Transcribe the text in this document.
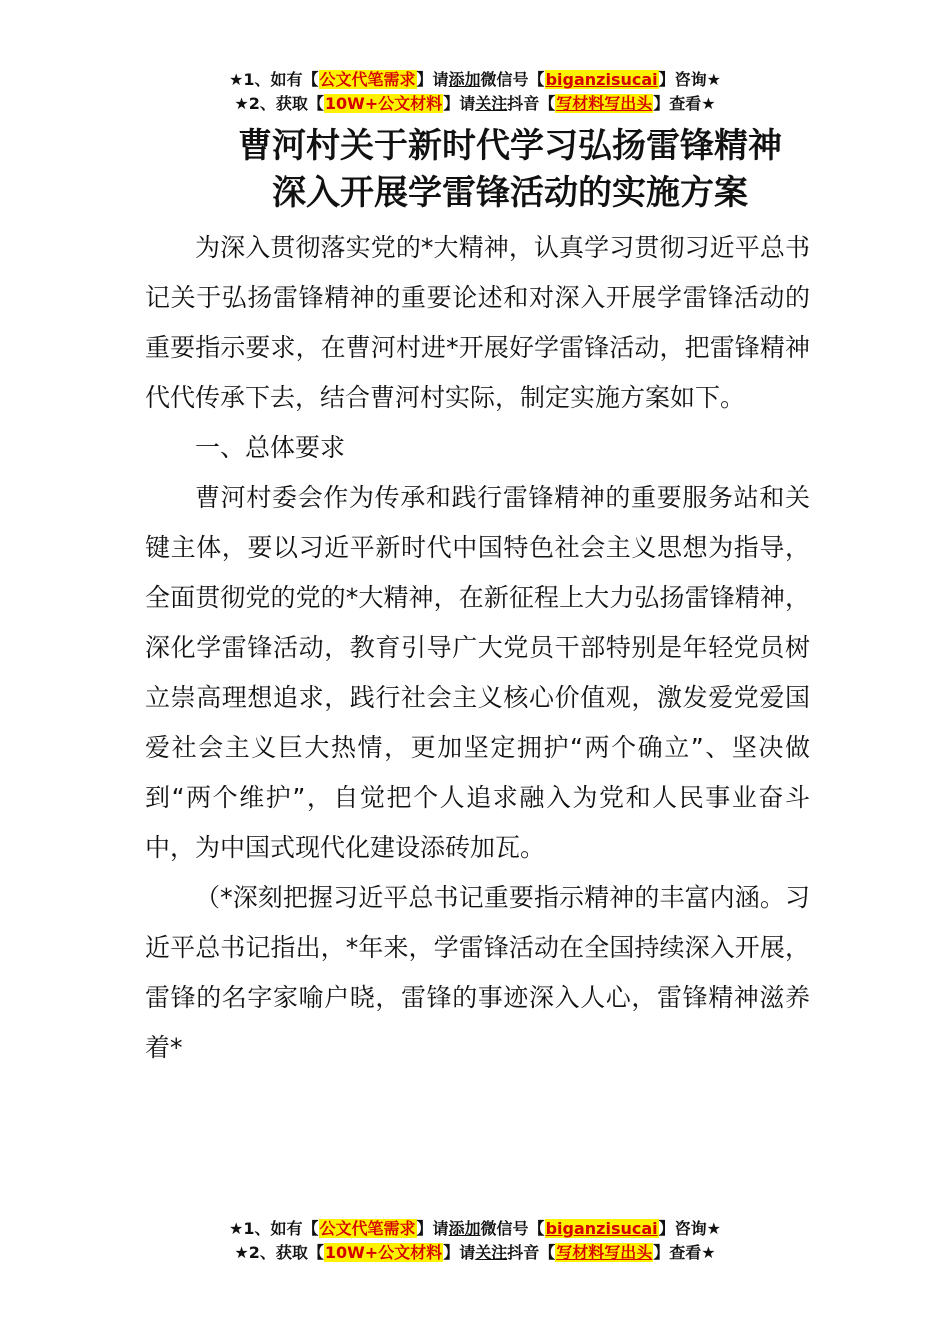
★1、如有【公文代笔需求】请添加微信号【biganzisucai】咨询★
★2、获取【10W+公文材料】请关注抖音【写材料写出头】查看★
曹河村关于新时代学习弘扬雷锋精神
深入开展学雷锋活动的实施方案

为深入贯彻落实党的*大精神，认真学习贯彻习近平总书记关于弘扬雷锋精神的重要论述和对深入开展学雷锋活动的重要指示要求，在曹河村进*开展好学雷锋活动，把雷锋精神代代传承下去，结合曹河村实际，制定实施方案如下。

一、总体要求

曹河村委会作为传承和践行雷锋精神的重要服务站和关键主体，要以习近平新时代中国特色社会主义思想为指导，全面贯彻党的党的*大精神，在新征程上大力弘扬雷锋精神，深化学雷锋活动，教育引导广大党员干部特别是年轻党员树立崇高理想追求，践行社会主义核心价值观，激发爱党爱国爱社会主义巨大热情，更加坚定拥护“两个确立”、坚决做到“两个维护”，自觉把个人追求融入为党和人民事业奋斗中，为中国式现代化建设添砖加瓦。

（*深刻把握习近平总书记重要指示精神的丰富内涵。习近平总书记指出，*年来，学雷锋活动在全国持续深入开展，雷锋的名字家喻户晓，雷锋的事迹深入人心，雷锋精神滋养着*

★1、如有【公文代笔需求】请添加微信号【biganzisucai】咨询★
★2、获取【10W+公文材料】请关注抖音【写材料写出头】查看★
